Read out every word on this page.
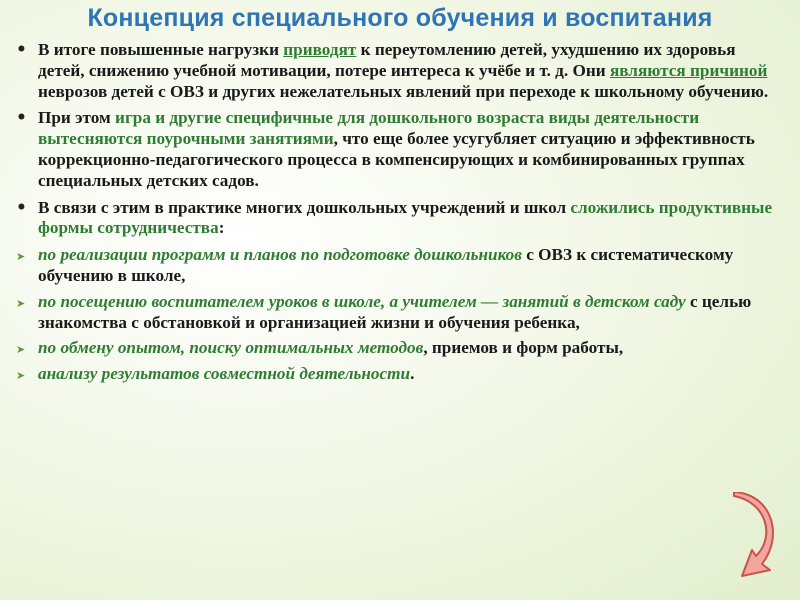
Концепция специального обучения и воспитания
• В итоге повышенные нагрузки приводят к переутомлению детей, ухудшению их здоровья детей, снижению учебной мотивации, потере интереса к учёбе и т. д. Они являются причиной неврозов детей с ОВЗ и других нежелательных явлений при переходе к школьному обучению.
• При этом игра и другие специфичные для дошкольного возраста виды деятельности вытесняются поурочными занятиями, что еще более усугубляет ситуацию и эффективность коррекционно-педагогического процесса в компенсирующих и комбинированных группах специальных детских садов.
• В связи с этим в практике многих дошкольных учреждений и школ сложились продуктивные формы сотрудничества:
➤ по реализации программ и планов по подготовке дошкольников с ОВЗ к систематическому обучению в школе,
➤ по посещению воспитателем уроков в школе, а учителем — занятий в детском саду с целью знакомства с обстановкой и организацией жизни и обучения ребенка,
➤ по обмену опытом, поиску оптимальных методов, приемов и форм работы,
➤ анализу результатов совместной деятельности.
